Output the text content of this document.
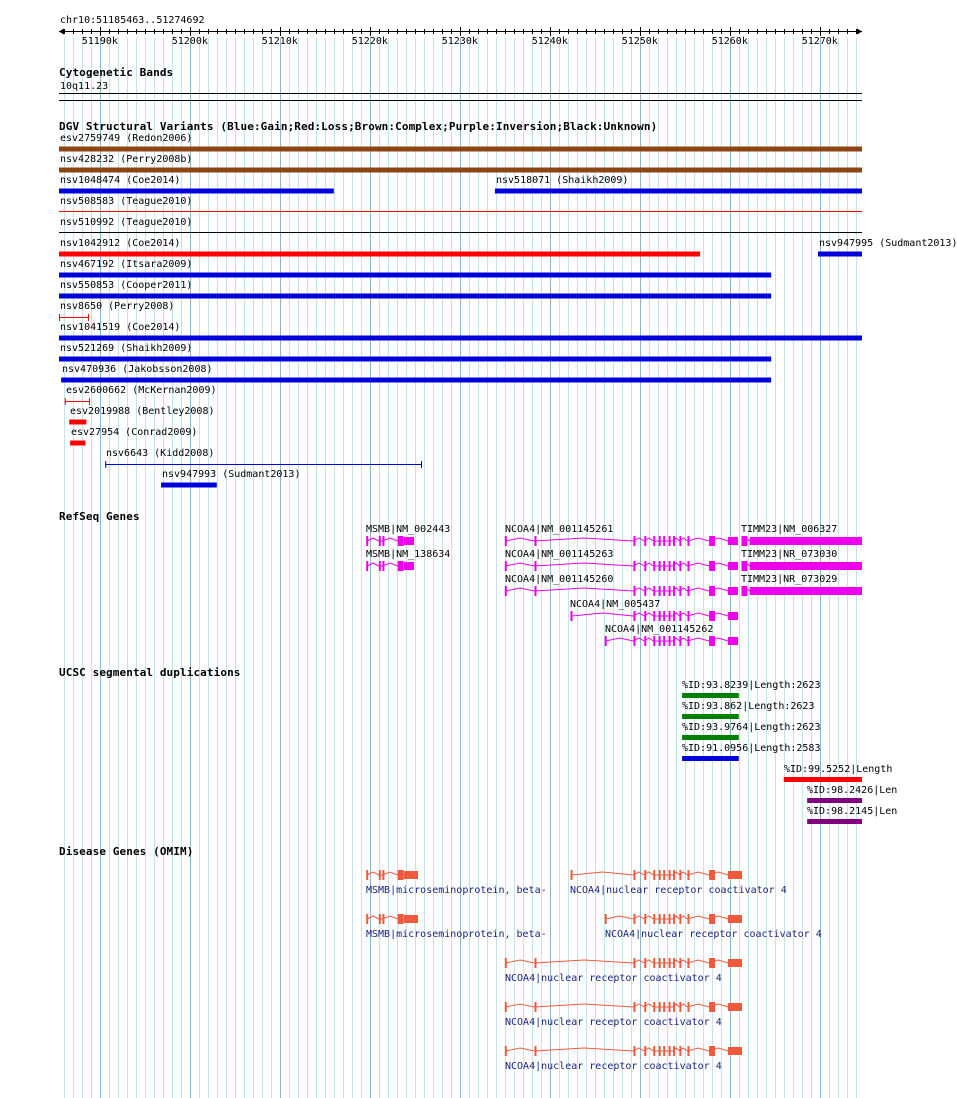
chr10:51185463..51274692
51190k	51200k	51210k	51220k	51230k	51240k	51250k	51260k	51270k
Cytogenetic Bands
10q11.23
DGV Structural Variants (Blue:Gain;Red:Loss;Brown:Complex;Purple:Inversion;Black:Unknown)
esv2759749 (Redon2006)
nsv428232 (Perry2008b)
nsv1048474 (Coe2014)	nsv518071 (Shaikh2009)
nsv508583 (Teague2010)
nsv510992 (Teague2010)
nsv1042912 (Coe2014)	nsv947995 (Sudmant2013)
nsv467192 (Itsara2009)
nsv550853 (Cooper2011)
nsv8650 (Perry2008)
nsv1041519 (Coe2014)
nsv521269 (Shaikh2009)
nsv470936 (Jakobsson2008)
esv2600662 (McKernan2009)
esv2019988 (Bentley2008)
esv27954 (Conrad2009)
nsv6643 (Kidd2008)
nsv947993 (Sudmant2013)
RefSeq Genes
MSMB|NM_002443
MSMB|NM_138634
NCOA4|NM_001145261
NCOA4|NM_001145263
NCOA4|NM_001145260
NCOA4|NM_005437
NCOA4|NM_001145262
TIMM23|NM_006327
TIMM23|NR_073030
TIMM23|NR_073029
UCSC segmental duplications
%ID:93.8239|Length:2623
%ID:93.862|Length:2623
%ID:93.9764|Length:2623
%ID:91.0956|Length:2583
%ID:99.5252|Length
%ID:98.2426|Len
%ID:98.2145|Len
Disease Genes (OMIM)
MSMB|microseminoprotein, beta- NCOA4|nuclear receptor coactivator 4
MSMB|microseminoprotein, beta-	NCOA4|nuclear receptor coactivator 4
NCOA4|nuclear receptor coactivator 4
NCOA4|nuclear receptor coactivator 4
NCOA4|nuclear receptor coactivator 4
